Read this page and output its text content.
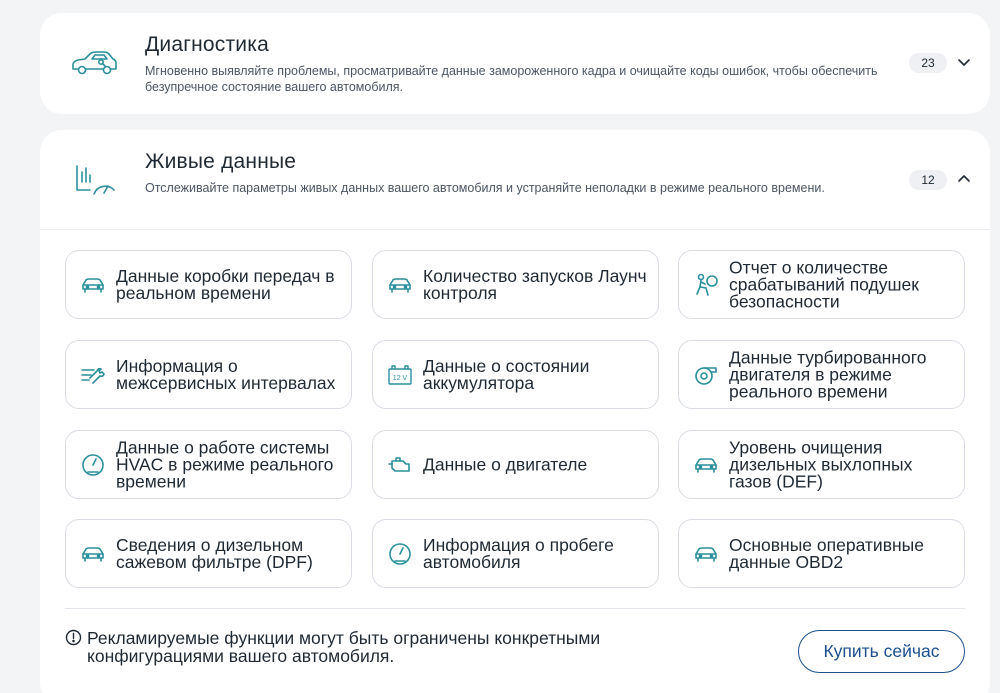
Диагностика
Мгновенно выявляйте проблемы, просматривайте данные замороженного кадра и очищайте коды ошибок, чтобы обеспечить безупречное состояние вашего автомобиля.
23
Живые данные
Отслеживайте параметры живых данных вашего автомобиля и устраняйте неполадки в режиме реального времени.
12
Данные коробки передач в реальном времени
Количество запусков Лаунч контроля
Отчет о количестве срабатываний подушек безопасности
Информация о межсервисных интервалах	12 V
Данные о состоянии аккумулятора
Данные турбированного двигателя в режиме реального времени
Данные о работе системы HVAC в режиме реального времени
Данные о двигателе
Уровень очищения дизельных выхлопных газов (DEF)
Сведения о дизельном сажевом фильтре (DPF)
Информация о пробеге автомобиля
Основные оперативные данные OBD2
Рекламируемые функции могут быть ограничены конкретными конфигурациями вашего автомобиля.	Купить сейчас
